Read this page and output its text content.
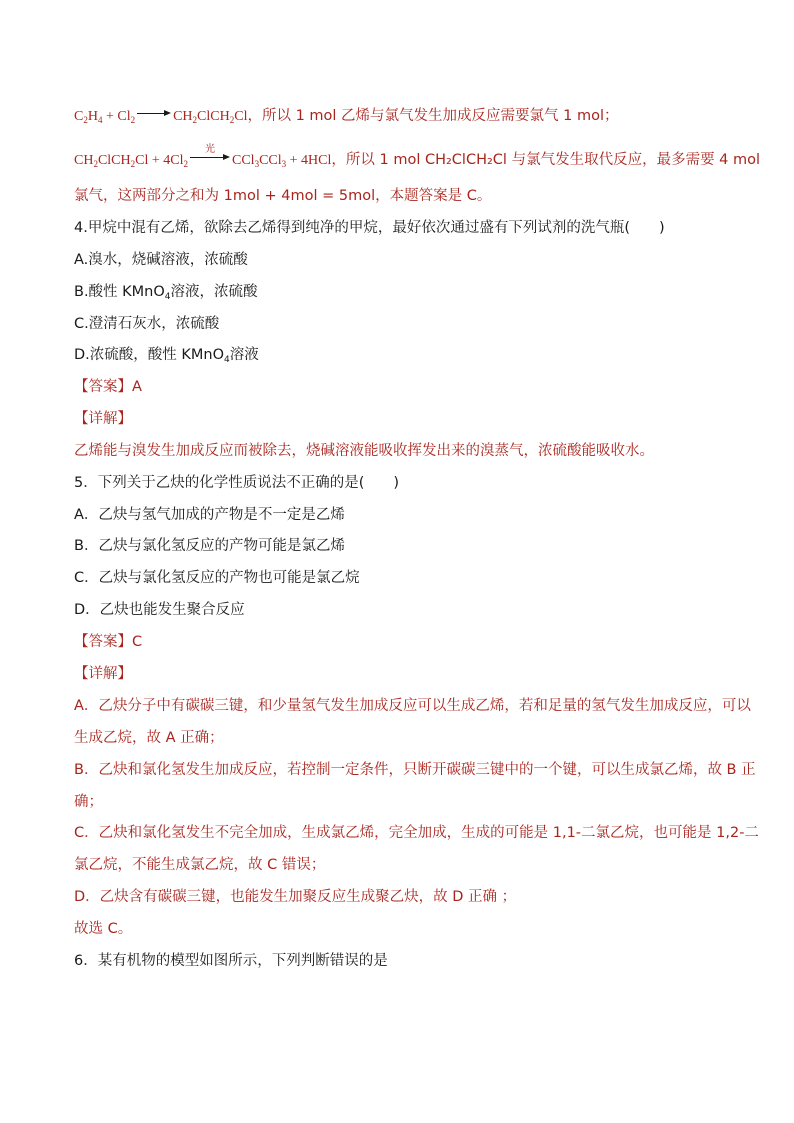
$C_2H_4 + Cl_2$	$CH_2ClCH_2Cl$，所以 1 mol 乙烯与氯气发生加成反应需要氯气 1 mol；
$CH_2ClCH_2Cl + 4Cl_2$
光
CCl$_3$CCl$_3$ + 4HCl，所以 1 mol CH₂ClCH₂Cl 与氯气发生取代反应，最多需要 4 mol
氯气，这两部分之和为 1mol + 4mol = 5mol，本题答案是 C。
4.甲烷中混有乙烯，欲除去乙烯得到纯净的甲烷，最好依次通过盛有下列试剂的洗气瓶(　　)
A.溴水，烧碱溶液，浓硫酸
B.酸性 KMnO$_4$溶液，浓硫酸
C.澄清石灰水，浓硫酸
D.浓硫酸，酸性 KMnO$_4$溶液
【答案】A
【详解】
乙烯能与溴发生加成反应而被除去，烧碱溶液能吸收挥发出来的溴蒸气，浓硫酸能吸收水。
5．下列关于乙炔的化学性质说法不正确的是(　　)
A．乙炔与氢气加成的产物是不一定是乙烯
B．乙炔与氯化氢反应的产物可能是氯乙烯
C．乙炔与氯化氢反应的产物也可能是氯乙烷
D．乙炔也能发生聚合反应
【答案】C
【详解】
A．乙炔分子中有碳碳三键，和少量氢气发生加成反应可以生成乙烯，若和足量的氢气发生加成反应，可以
生成乙烷，故 A 正确；
B．乙炔和氯化氢发生加成反应，若控制一定条件，只断开碳碳三键中的一个键，可以生成氯乙烯，故 B 正
确；
C．乙炔和氯化氢发生不完全加成，生成氯乙烯，完全加成，生成的可能是 1,1-二氯乙烷，也可能是 1,2-二
氯乙烷，不能生成氯乙烷，故 C 错误；
D．乙炔含有碳碳三键，也能发生加聚反应生成聚乙炔，故 D 正确 ；
故选 C。
6．某有机物的模型如图所示，下列判断错误的是
